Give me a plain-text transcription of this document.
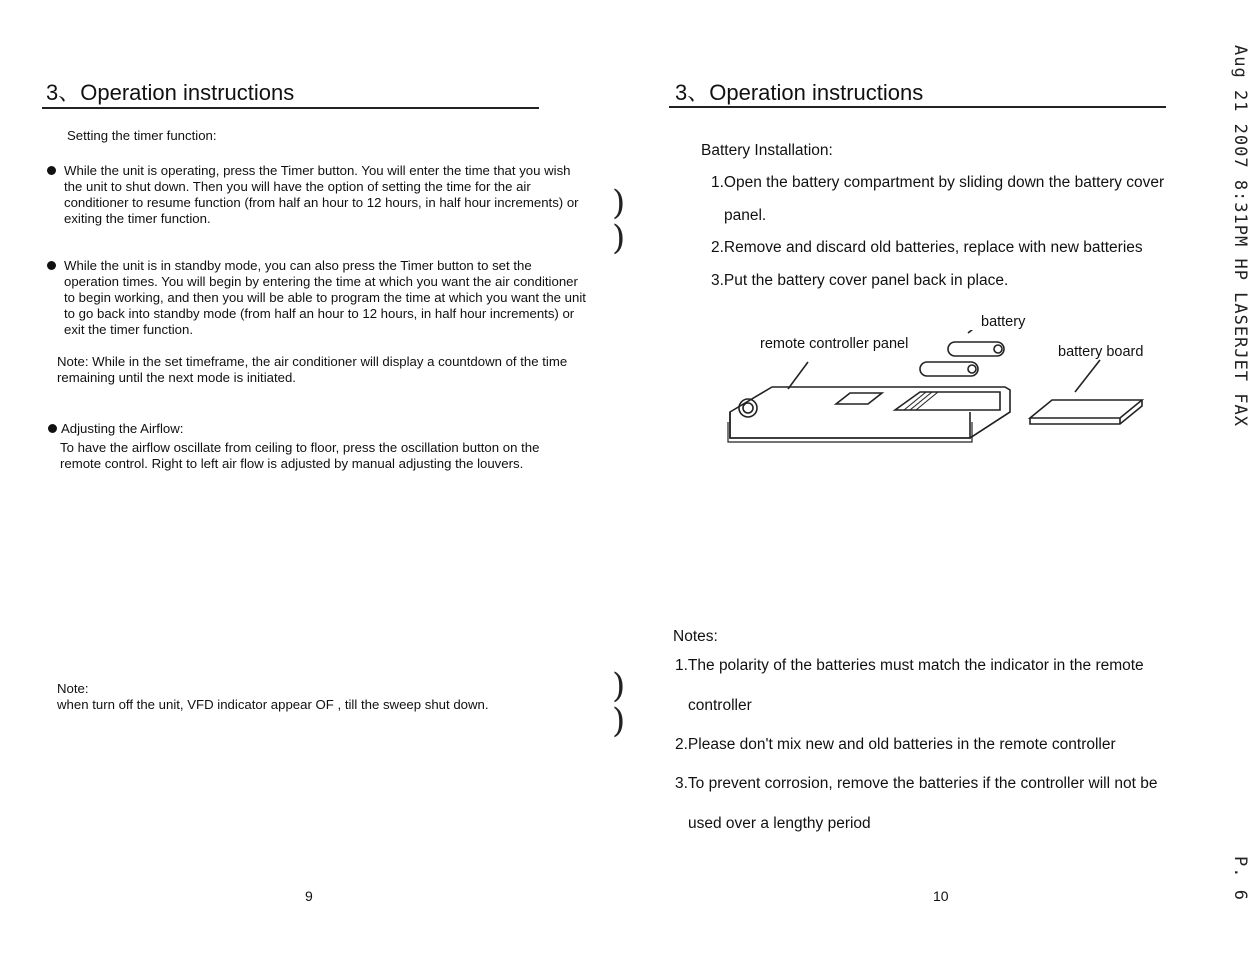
3、Operation instructions
Setting the timer function:
While the unit is operating, press the Timer button. You will enter the time that you wish the unit to shut down. Then you will have the option of setting the time for the air conditioner to resume function (from half an hour to 12 hours, in half hour increments) or exiting the timer function.
While the unit is in standby mode, you can also press the Timer button to set the operation times. You will begin by entering the time at which you want the air conditioner to begin working, and then you will be able to program the time at which you want the unit to go back into standby mode (from half an hour to 12 hours, in half hour increments) or exit the timer function.
Note: While in the set timeframe, the air conditioner will display a countdown of the time remaining until the next mode is initiated.
Adjusting the Airflow:
To have the airflow oscillate from ceiling to floor, press the oscillation button on the remote control. Right to left air flow is adjusted by manual adjusting the louvers.
Note:
when turn off the unit, VFD indicator appear OF , till the sweep shut down.
9
)
)
)
)
3、Operation instructions
Battery Installation:
1.Open the battery compartment by sliding down the battery cover
panel.
2.Remove and discard old batteries, replace with new batteries
3.Put the battery cover panel back in place.
battery
remote controller panel	battery board
Notes:
1.The polarity of the batteries must match the indicator in the remote
controller
2.Please don't mix new and old batteries in the remote controller
3.To prevent corrosion, remove the batteries if the controller will not be
used over a lengthy period
10
Aug 21 2007 8:31PM HP LASERJET FAX
P. 6
